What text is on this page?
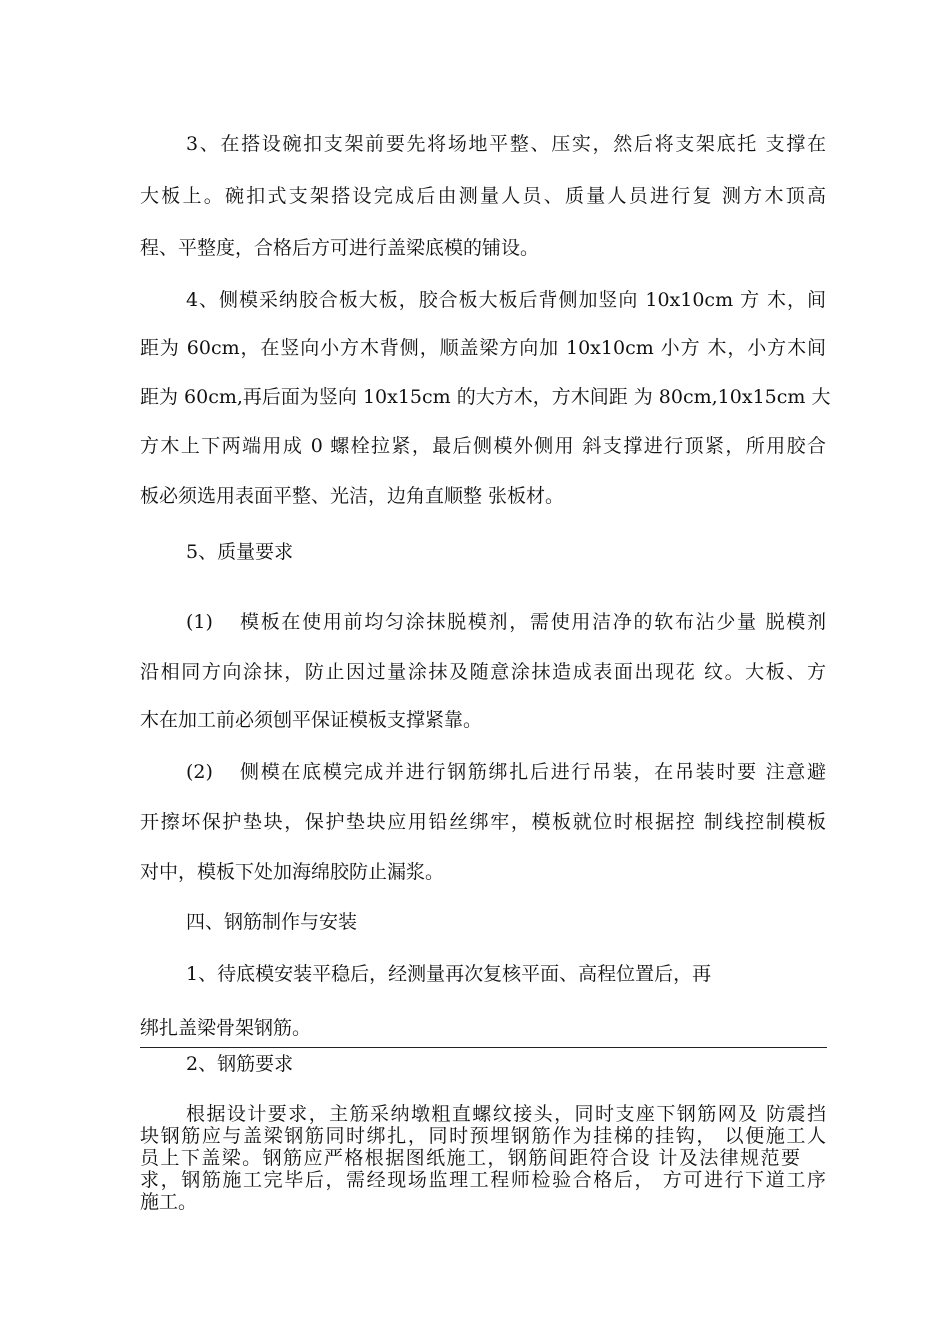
3、在搭设碗扣支架前要先将场地平整、压实，然后将支架底托 支撑在
大板上。碗扣式支架搭设完成后由测量人员、质量人员进行复 测方木顶高
程、平整度，合格后方可进行盖梁底模的铺设。
4、侧模采纳胶合板大板，胶合板大板后背侧加竖向 10x10cm 方 木，间
距为 60cm，在竖向小方木背侧，顺盖梁方向加 10x10cm 小方 木，小方木间
距为 60cm,再后面为竖向 10x15cm 的大方木，方木间距 为 80cm,10x15cm 大
方木上下两端用成 0 螺栓拉紧，最后侧模外侧用 斜支撑进行顶紧，所用胶合
板必须选用表面平整、光洁，边角直顺整 张板材。
5、质量要求
(1) 模板在使用前均匀涂抹脱模剂，需使用洁净的软布沾少量 脱模剂
沿相同方向涂抹，防止因过量涂抹及随意涂抹造成表面出现花 纹。大板、方
木在加工前必须刨平保证模板支撑紧靠。
(2) 侧模在底模完成并进行钢筋绑扎后进行吊装，在吊装时要 注意避
开擦坏保护垫块，保护垫块应用铅丝绑牢，模板就位时根据控 制线控制模板
对中，模板下处加海绵胶防止漏浆。
四、钢筋制作与安装
1、待底模安装平稳后，经测量再次复核平面、高程位置后，再
绑扎盖梁骨架钢筋。
2、钢筋要求
根据设计要求，主筋采纳墩粗直螺纹接头，同时支座下钢筋网及 防震挡
块钢筋应与盖梁钢筋同时绑扎，同时预埋钢筋作为挂梯的挂钩， 以便施工人
员上下盖梁。钢筋应严格根据图纸施工，钢筋间距符合设 计及法律规范要
求，钢筋施工完毕后，需经现场监理工程师检验合格后， 方可进行下道工序
施工。
